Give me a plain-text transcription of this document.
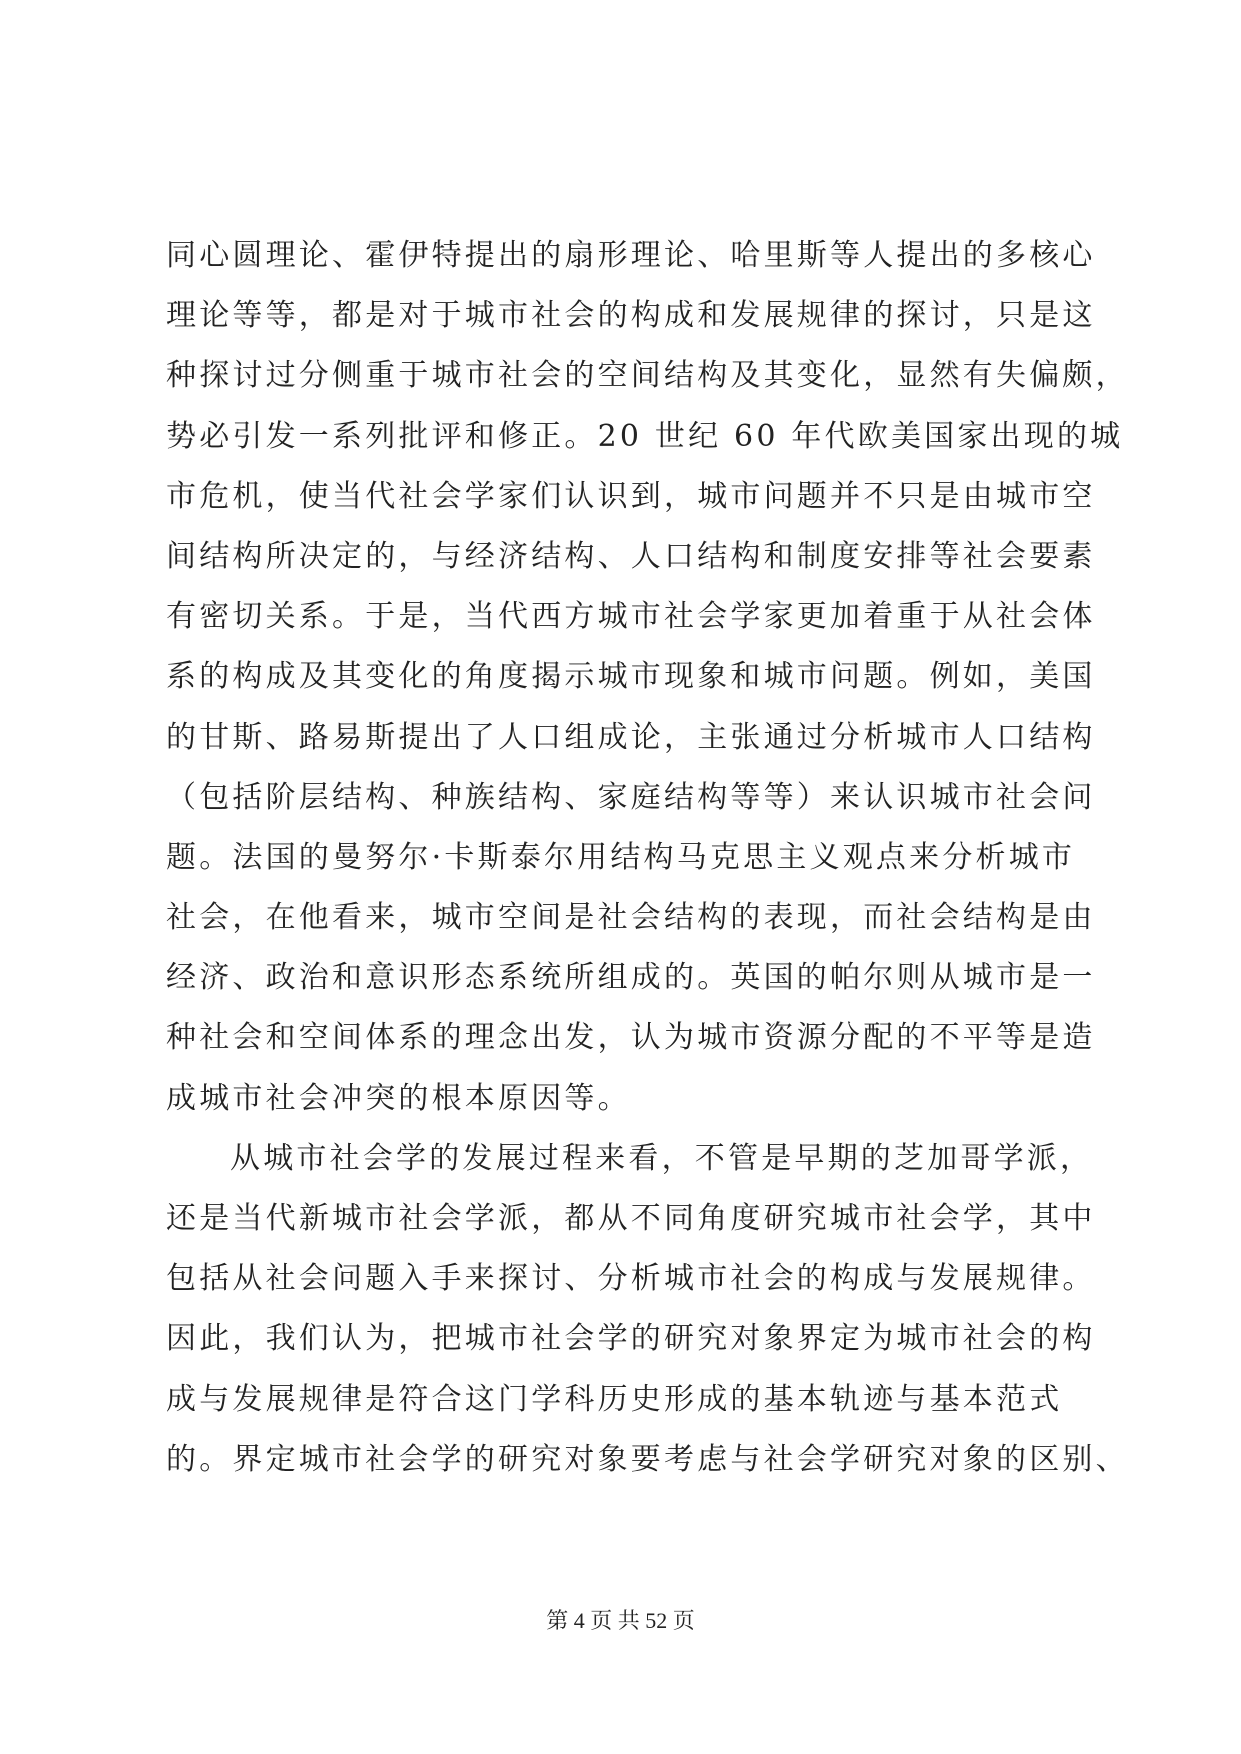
同心圆理论、霍伊特提出的扇形理论、哈里斯等人提出的多核心
理论等等，都是对于城市社会的构成和发展规律的探讨，只是这
种探讨过分侧重于城市社会的空间结构及其变化，显然有失偏颇，
势必引发一系列批评和修正。20 世纪 60 年代欧美国家出现的城
市危机，使当代社会学家们认识到，城市问题并不只是由城市空
间结构所决定的，与经济结构、人口结构和制度安排等社会要素
有密切关系。于是，当代西方城市社会学家更加着重于从社会体
系的构成及其变化的角度揭示城市现象和城市问题。例如，美国
的甘斯、路易斯提出了人口组成论，主张通过分析城市人口结构
（包括阶层结构、种族结构、家庭结构等等）来认识城市社会问
题。法国的曼努尔·卡斯泰尔用结构马克思主义观点来分析城市
社会，在他看来，城市空间是社会结构的表现，而社会结构是由
经济、政治和意识形态系统所组成的。英国的帕尔则从城市是一
种社会和空间体系的理念出发，认为城市资源分配的不平等是造
成城市社会冲突的根本原因等。
从城市社会学的发展过程来看，不管是早期的芝加哥学派，
还是当代新城市社会学派，都从不同角度研究城市社会学，其中
包括从社会问题入手来探讨、分析城市社会的构成与发展规律。
因此，我们认为，把城市社会学的研究对象界定为城市社会的构
成与发展规律是符合这门学科历史形成的基本轨迹与基本范式
的。界定城市社会学的研究对象要考虑与社会学研究对象的区别、
第 4 页 共 52 页
